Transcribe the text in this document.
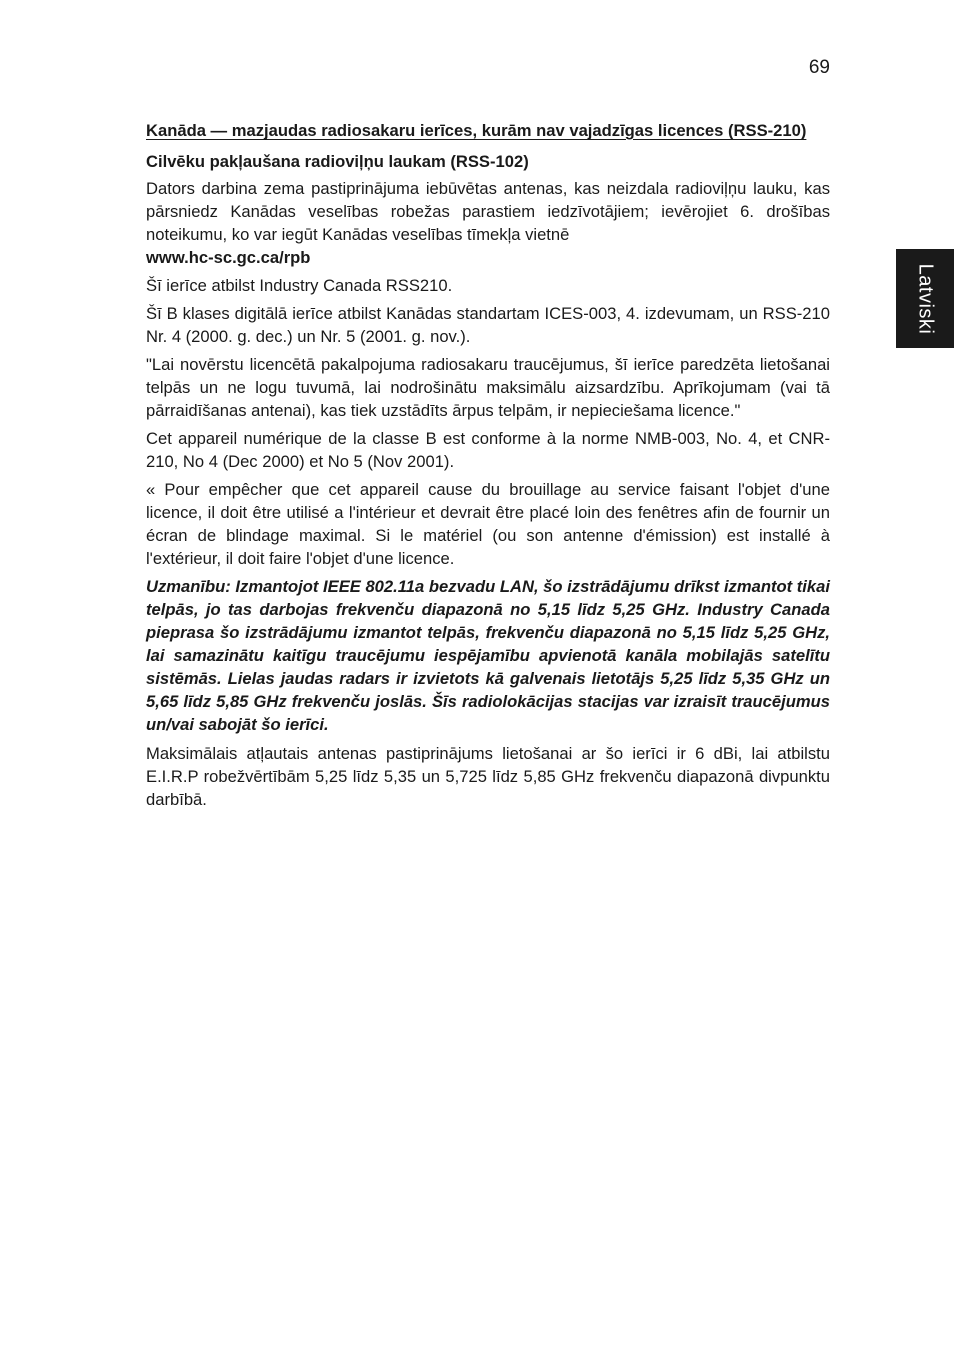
69
Latviski
Kanāda — mazjaudas radiosakaru ierīces, kurām nav vajadzīgas licences (RSS-210)
Cilvēku pakļaušana radioviļņu laukam (RSS-102)

Dators darbina zema pastiprinājuma iebūvētas antenas, kas neizdala radioviļņu lauku, kas pārsniedz Kanādas veselības robežas parastiem iedzīvotājiem; ievērojiet 6. drošības noteikumu, ko var iegūt Kanādas veselības tīmekļa vietnē
www.hc-sc.gc.ca/rpb

Šī ierīce atbilst Industry Canada RSS210.

Šī B klases digitālā ierīce atbilst Kanādas standartam ICES-003, 4. izdevumam, un RSS-210 Nr. 4 (2000. g. dec.) un Nr. 5 (2001. g. nov.).

"Lai novērstu licencētā pakalpojuma radiosakaru traucējumus, šī ierīce paredzēta lietošanai telpās un ne logu tuvumā, lai nodrošinātu maksimālu aizsardzību. Aprīkojumam (vai tā pārraidīšanas antenai), kas tiek uzstādīts ārpus telpām, ir nepieciešama licence."

Cet appareil numérique de la classe B est conforme à la norme NMB-003, No. 4, et CNR-210, No 4 (Dec 2000) et No 5 (Nov 2001).

« Pour empêcher que cet appareil cause du brouillage au service faisant l'objet d'une licence, il doit être utilisé a l'intérieur et devrait être placé loin des fenêtres afin de fournir un écran de blindage maximal. Si le matériel (ou son antenne d'émission) est installé à l'extérieur, il doit faire l'objet d'une licence.

Uzmanību: Izmantojot IEEE 802.11a bezvadu LAN, šo izstrādājumu drīkst izmantot tikai telpās, jo tas darbojas frekvenču diapazonā no 5,15 līdz 5,25 GHz. Industry Canada pieprasa šo izstrādājumu izmantot telpās, frekvenču diapazonā no 5,15 līdz 5,25 GHz, lai samazinātu kaitīgu traucējumu iespējamību apvienotā kanāla mobilajās satelītu sistēmās. Lielas jaudas radars ir izvietots kā galvenais lietotājs 5,25 līdz 5,35 GHz un 5,65 līdz 5,85 GHz frekvenču joslās. Šīs radiolokācijas stacijas var izraisīt traucējumus un/vai sabojāt šo ierīci.

Maksimālais atļautais antenas pastiprinājums lietošanai ar šo ierīci ir 6 dBi, lai atbilstu E.I.R.P robežvērtībām 5,25 līdz 5,35 un 5,725 līdz 5,85 GHz frekvenču diapazonā divpunktu darbībā.
